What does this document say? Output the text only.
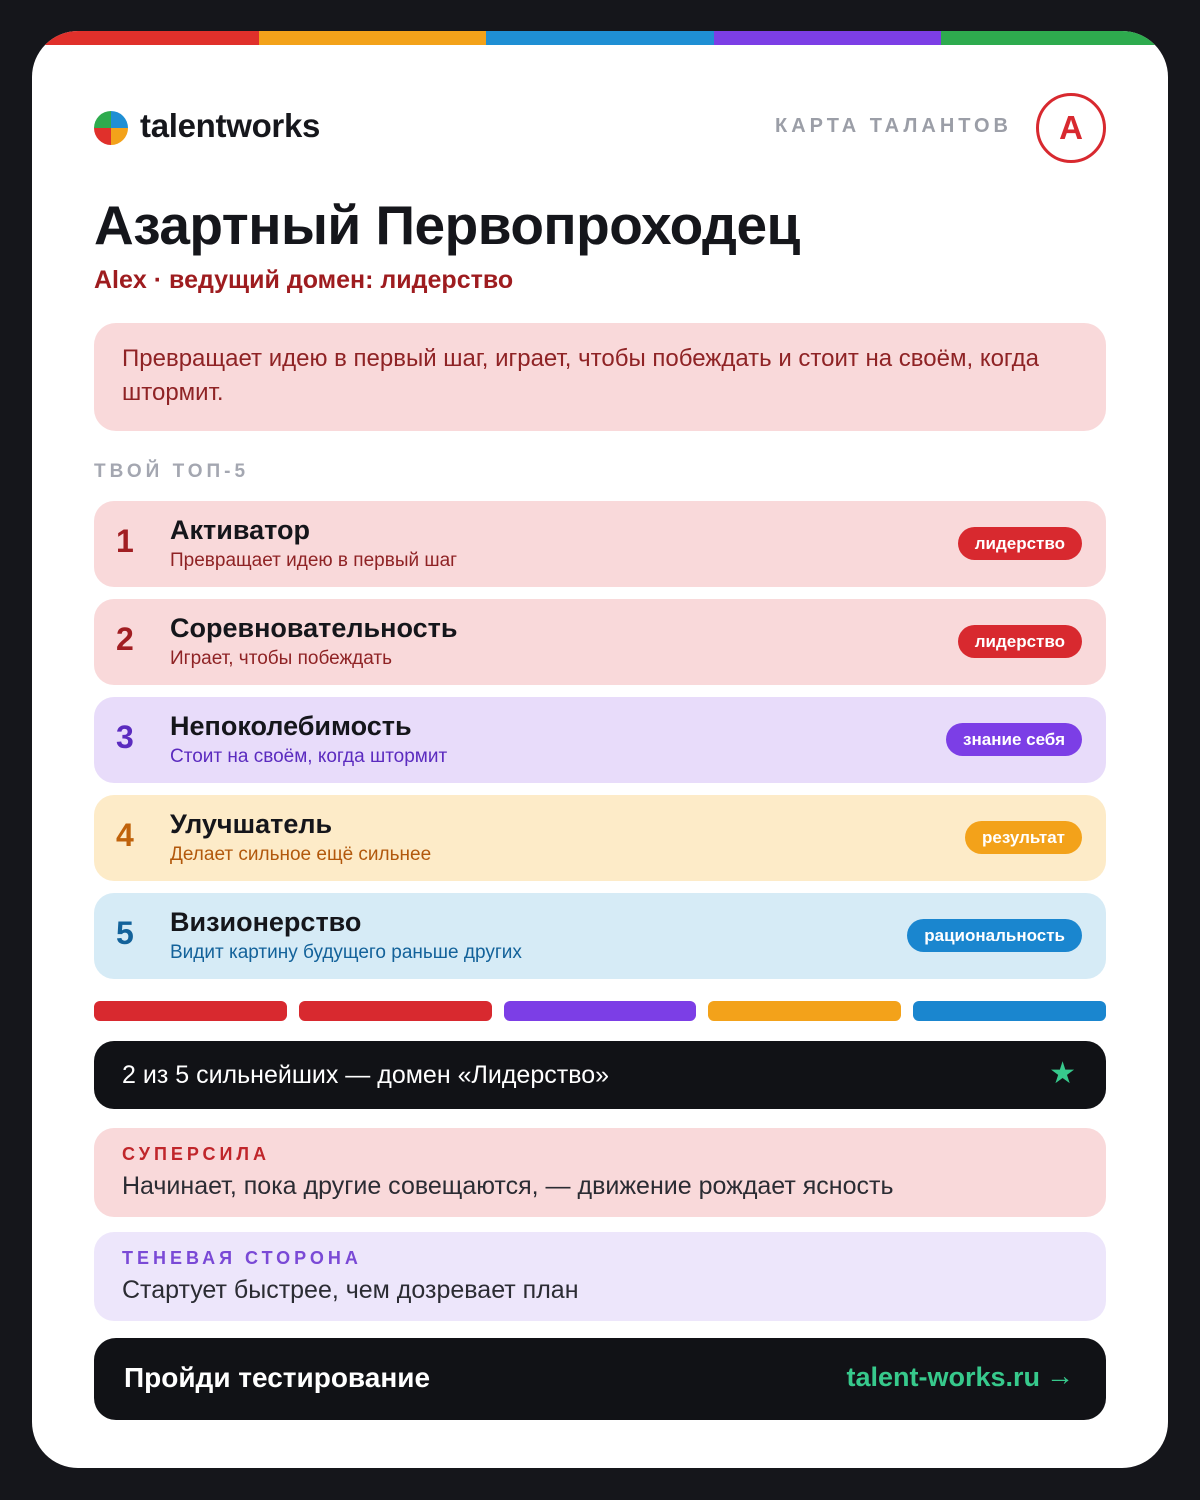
talentworks	КАРТА ТАЛАНТОВ	А
Азартный Первопроходец
Alex · ведущий домен: лидерство
Превращает идею в первый шаг, играет, чтобы побеждать и стоит на своём, когда штормит.
ТВОЙ ТОП-5
1 Активатор
Превращает идею в первый шаг
лидерство
2 Соревновательность
Играет, чтобы побеждать
лидерство
3 Непоколебимость
Стоит на своём, когда штормит
знание себя
4 Улучшатель
Делает сильное ещё сильнее
результат
5 Визионерство
Видит картину будущего раньше других
рациональность
2 из 5 сильнейших — домен «Лидерство»	★
СУПЕРСИЛА
Начинает, пока другие совещаются, — движение рождает ясность
ТЕНЕВАЯ СТОРОНА
Стартует быстрее, чем дозревает план
Пройди тестирование	talent-works.ru →
